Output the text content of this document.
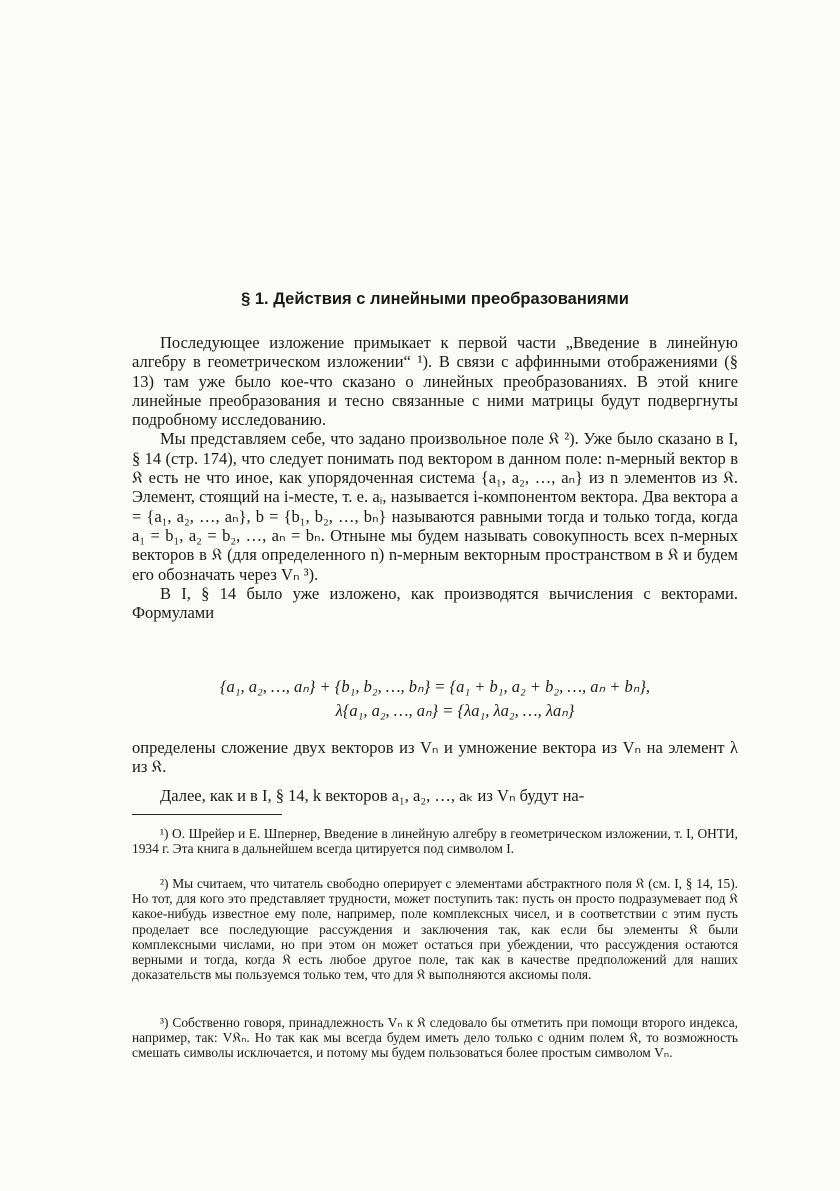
§ 1. Действия с линейными преобразованиями

Последующее изложение примыкает к первой части „Введение в линейную алгебру в геометрическом изложении“ ¹). В связи с аффинными отображениями (§ 13) там уже было кое-что сказано о линейных преобразованиях. В этой книге линейные преобразования и тесно связанные с ними матрицы будут подвергнуты подробному исследованию.

Мы представляем себе, что задано произвольное поле 𝔎 ²). Уже было сказано в I, § 14 (стр. 174), что следует понимать под вектором в данном поле: n-мерный вектор в 𝔎 есть не что иное, как упорядоченная система {a₁, a₂, …, aₙ} из n элементов из 𝔎. Элемент, стоящий на i-месте, т. е. aᵢ, называется i-компонентом вектора. Два вектора a = {a₁, a₂, …, aₙ}, b = {b₁, b₂, …, bₙ} называются равными тогда и только тогда, когда a₁ = b₁, a₂ = b₂, …, aₙ = bₙ. Отныне мы будем называть совокупность всех n-мерных векторов в 𝔎 (для определенного n) n-мерным векторным пространством в 𝔎 и будем его обозначать через Vₙ ³).

В I, § 14 было уже изложено, как производятся вычисления с векторами. Формулами

{a₁, a₂, …, aₙ} + {b₁, b₂, …, bₙ} = {a₁ + b₁, a₂ + b₂, …, aₙ + bₙ},
λ{a₁, a₂, …, aₙ} = {λa₁, λa₂, …, λaₙ}

определены сложение двух векторов из Vₙ и умножение вектора из Vₙ на элемент λ из 𝔎.

Далее, как и в I, § 14, k векторов a₁, a₂, …, aₖ из Vₙ будут на-

¹) О. Шрейер и Е. Шпернер, Введение в линейную алгебру в геометрическом изложении, т. I, ОНТИ, 1934 г. Эта книга в дальнейшем всегда цитируется под символом I.

²) Мы считаем, что читатель свободно оперирует с элементами абстрактного поля 𝔎 (см. I, § 14, 15). Но тот, для кого это представляет трудности, может поступить так: пусть он просто подразумевает под 𝔎 какое-нибудь известное ему поле, например, поле комплексных чисел, и в соответствии с этим пусть проделает все последующие рассуждения и заключения так, как если бы элементы 𝔎 были комплексными числами, но при этом он может остаться при убеждении, что рассуждения остаются верными и тогда, когда 𝔎 есть любое другое поле, так как в качестве предположений для наших доказательств мы пользуемся только тем, что для 𝔎 выполняются аксиомы поля.

³) Собственно говоря, принадлежность Vₙ к 𝔎 следовало бы отметить при помощи второго индекса, например, так: V𝔎ₙ. Но так как мы всегда будем иметь дело только с одним полем 𝔎, то возможность смешать символы исключается, и потому мы будем пользоваться более простым символом Vₙ.
